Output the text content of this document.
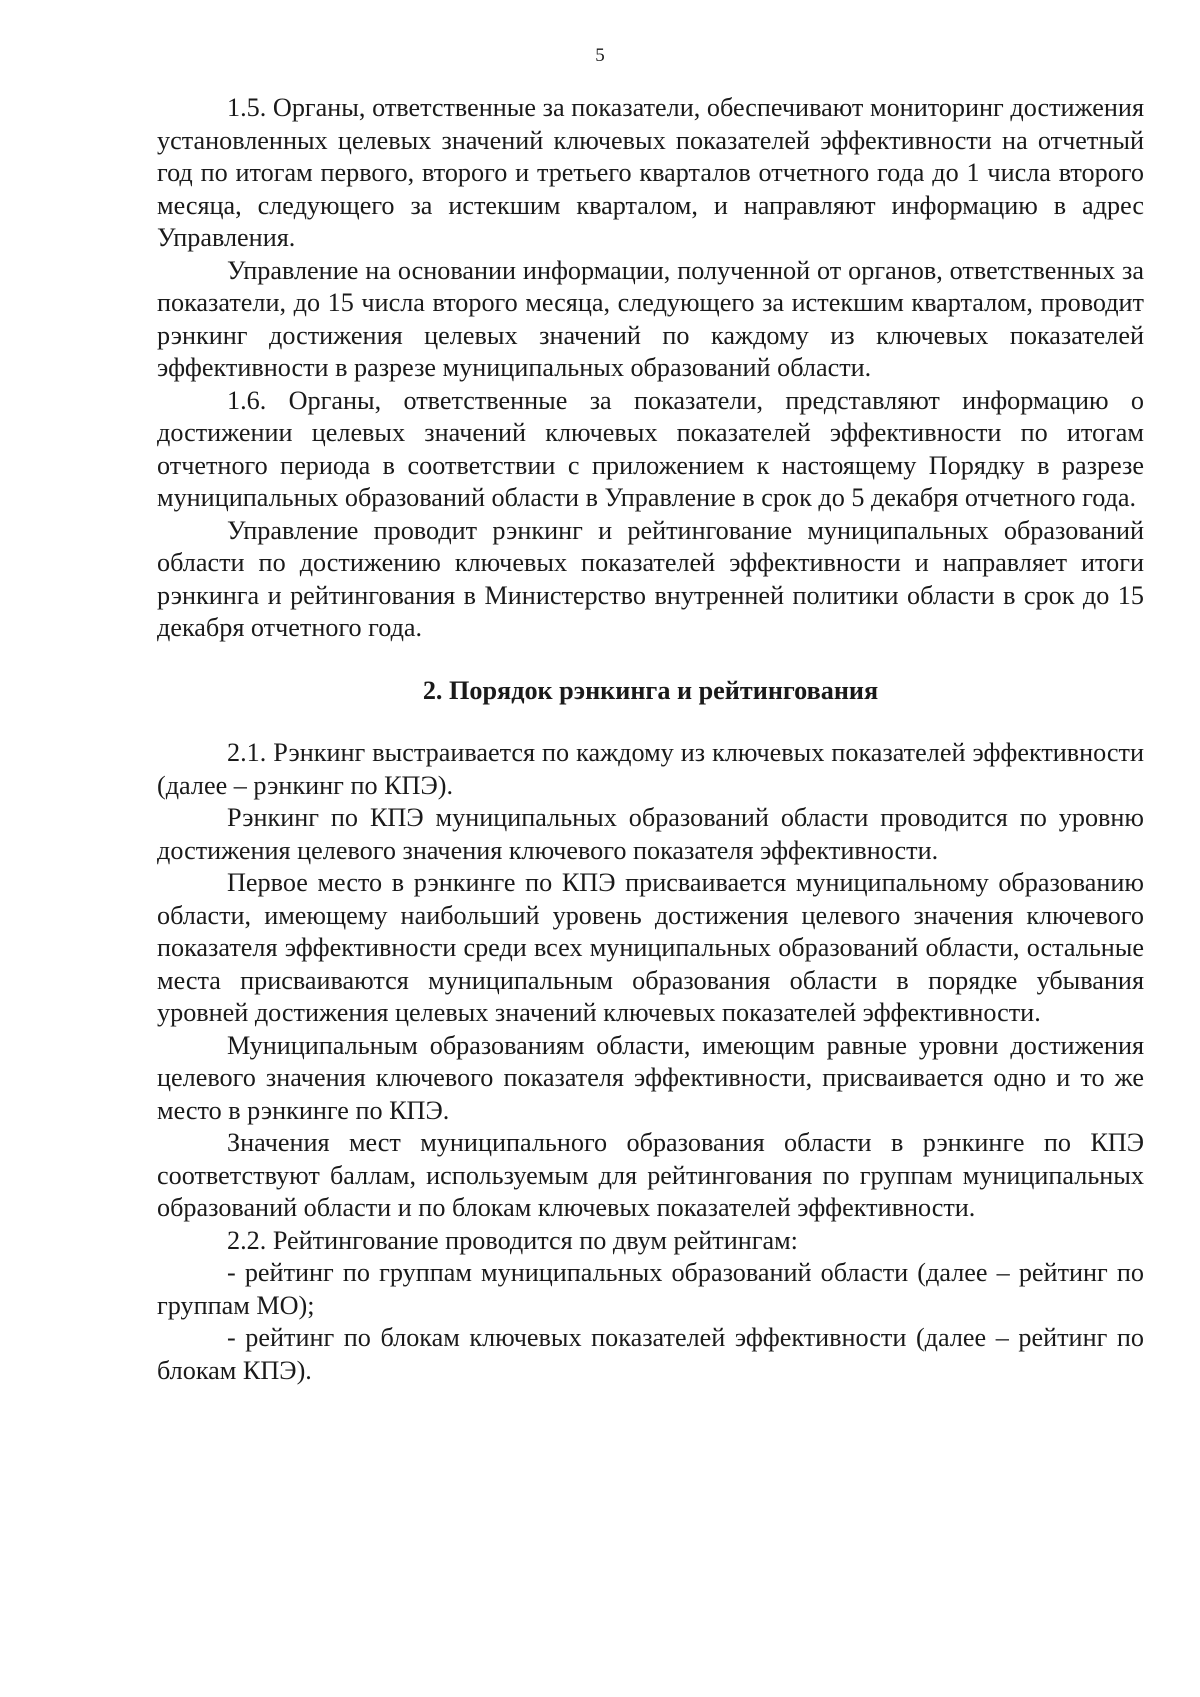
5

1.5. Органы, ответственные за показатели, обеспечивают мониторинг достижения установленных целевых значений ключевых показателей эффективности на отчетный год по итогам первого, второго и третьего кварталов отчетного года до 1 числа второго месяца, следующего за истекшим кварталом, и направляют информацию в адрес Управления.

Управление на основании информации, полученной от органов, ответственных за показатели, до 15 числа второго месяца, следующего за истекшим кварталом, проводит рэнкинг достижения целевых значений по каждому из ключевых показателей эффективности в разрезе муниципальных образований области.

1.6. Органы, ответственные за показатели, представляют информацию о достижении целевых значений ключевых показателей эффективности по итогам отчетного периода в соответствии с приложением к настоящему Порядку в разрезе муниципальных образований области в Управление в срок до 5 декабря отчетного года.

Управление проводит рэнкинг и рейтингование муниципальных образований области по достижению ключевых показателей эффективности и направляет итоги рэнкинга и рейтингования в Министерство внутренней политики области в срок до 15 декабря отчетного года.

2. Порядок рэнкинга и рейтингования

2.1. Рэнкинг выстраивается по каждому из ключевых показателей эффективности (далее – рэнкинг по КПЭ).

Рэнкинг по КПЭ муниципальных образований области проводится по уровню достижения целевого значения ключевого показателя эффективности.

Первое место в рэнкинге по КПЭ присваивается муниципальному образованию области, имеющему наибольший уровень достижения целевого значения ключевого показателя эффективности среди всех муниципальных образований области, остальные места присваиваются муниципальным образования области в порядке убывания уровней достижения целевых значений ключевых показателей эффективности.

Муниципальным образованиям области, имеющим равные уровни достижения целевого значения ключевого показателя эффективности, присваивается одно и то же место в рэнкинге по КПЭ.

Значения мест муниципального образования области в рэнкинге по КПЭ соответствуют баллам, используемым для рейтингования по группам муниципальных образований области и по блокам ключевых показателей эффективности.

2.2. Рейтингование проводится по двум рейтингам:

- рейтинг по группам муниципальных образований области (далее – рейтинг по группам МО);

- рейтинг по блокам ключевых показателей эффективности (далее – рейтинг по блокам КПЭ).
